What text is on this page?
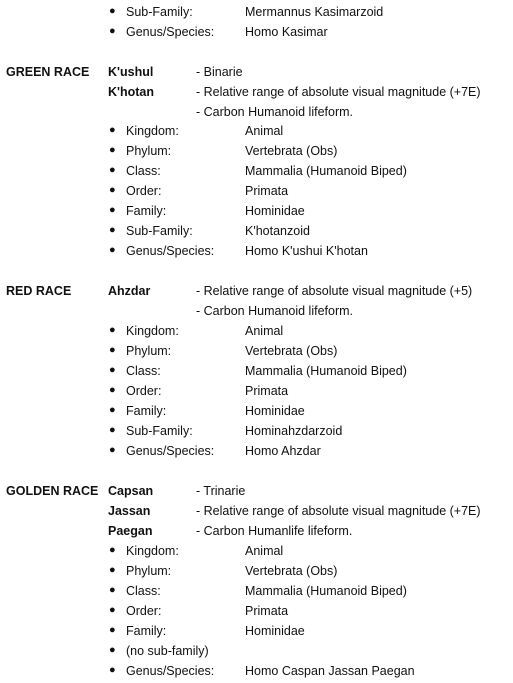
● Sub-Family:	Mermannus Kasimarzoid
● Genus/Species: Homo Kasimar
GREEN RACE K'ushul	- Binarie
K'hotan	- Relative range of absolute visual magnitude (+7E)
- Carbon Humanoid lifeform.
● Kingdom:	Animal
● Phylum:	Vertebrata (Obs)
● Class:	Mammalia (Humanoid Biped)
● Order:	Primata
● Family:	Hominidae
● Sub-Family:	K'hotanzoid
● Genus/Species: Homo K'ushui K'hotan
RED RACE	Ahzdar	- Relative range of absolute visual magnitude (+5)
- Carbon Humanoid lifeform.
● Kingdom:	Animal
● Phylum:	Vertebrata (Obs)
● Class:	Mammalia (Humanoid Biped)
● Order:	Primata
● Family:	Hominidae
● Sub-Family:	Hominahzdarzoid
● Genus/Species: Homo Ahzdar
GOLDEN RACE Capsan	- Trinarie
Jassan	- Relative range of absolute visual magnitude (+7E)
Paegan	- Carbon Humanlife lifeform.
● Kingdom:	Animal
● Phylum:	Vertebrata (Obs)
● Class:	Mammalia (Humanoid Biped)
● Order:	Primata
● Family:	Hominidae
● (no sub-family)
● Genus/Species: Homo Caspan Jassan Paegan
